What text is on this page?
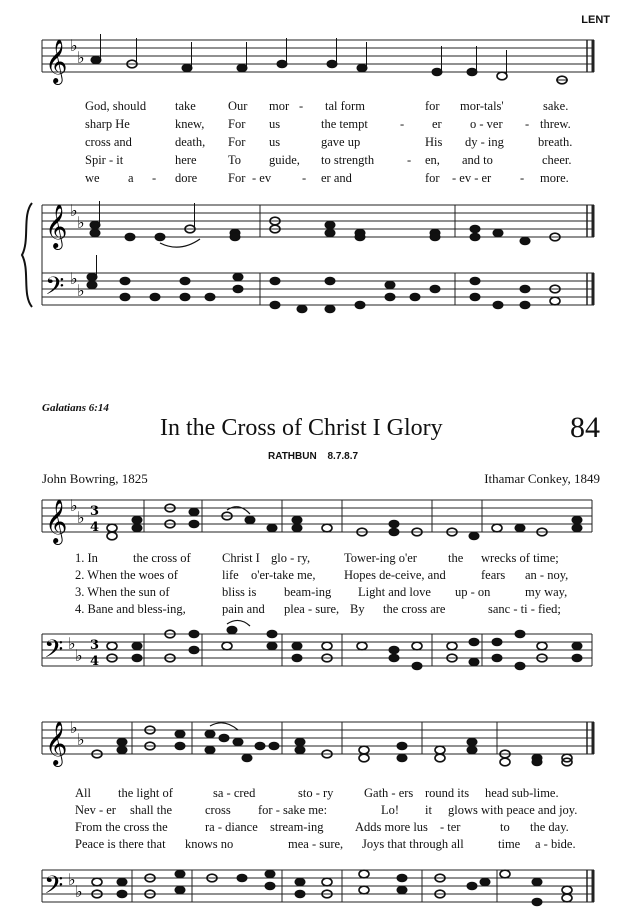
LENT
𝄞 ♭
♭
God, should take	Our mor - tal form	for mor-tals'	sake.
sharp He	knew, For us	the tempt	- er o - ver - threw.
cross and	death, For us	gave up	His dy - ing	breath.
Spir - it	here	To guide, to strength	- en, and to	cheer.
we a - dore For - ev - er and	for - ev - er - more.
𝄞
𝄢
♭
♭
♭
♭
Galatians 6:14
In the Cross of Christ I Glory	84
RATHBUN 8.7.8.7
John Bowring, 1825	Ithamar Conkey, 1849
𝄞 ♭
♭ 3
4
1. In	the cross of	Christ I glo - ry,	Tower-ing o'er the wrecks of time;
2. When the woes of	life o'er-take me, Hopes de-ceive, and	fears an - noy,
3. When the sun of	bliss is beam-ing Light and love up - on	my way,
4. Bane and bless-ing,	pain and plea - sure, By the cross are	sanc - ti - fied;
𝄢 ♭
♭
3
4
𝄞 ♭
♭
All the light of	sa - cred	sto - ry Gath - ers round its head sub-lime.
Nev - er shall the	cross for - sake me:	Lo! it glows with peace and joy.
From the cross the	ra - diance stream-ing	Adds more lus - ter	to the day.
Peace is there that knows no	mea - sure, Joys that through all	time a - bide.
𝄢 ♭
♭
